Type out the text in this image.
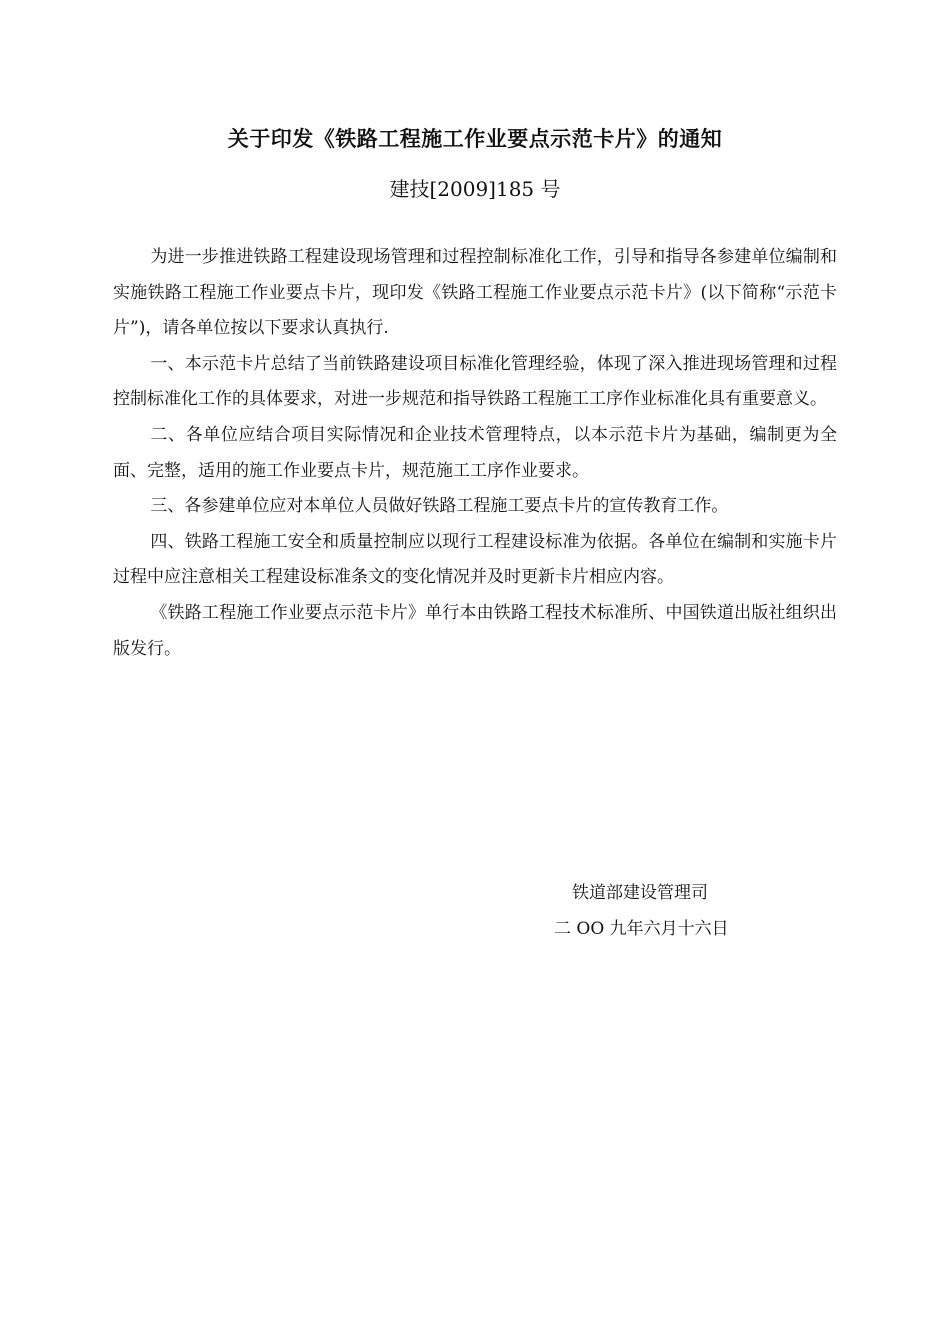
关于印发《铁路工程施工作业要点示范卡片》的通知
建技[2009]185 号

为进一步推进铁路工程建设现场管理和过程控制标准化工作，引导和指导各参建单位编制和实施铁路工程施工作业要点卡片，现印发《铁路工程施工作业要点示范卡片》(以下简称“示范卡片”)，请各单位按以下要求认真执行.

一、本示范卡片总结了当前铁路建设项目标准化管理经验，体现了深入推进现场管理和过程控制标准化工作的具体要求，对进一步规范和指导铁路工程施工工序作业标准化具有重要意义。

二、各单位应结合项目实际情况和企业技术管理特点，以本示范卡片为基础，编制更为全面、完整，适用的施工作业要点卡片，规范施工工序作业要求。

三、各参建单位应对本单位人员做好铁路工程施工要点卡片的宣传教育工作。

四、铁路工程施工安全和质量控制应以现行工程建设标准为依据。各单位在编制和实施卡片过程中应注意相关工程建设标准条文的变化情况并及时更新卡片相应内容。

《铁路工程施工作业要点示范卡片》单行本由铁路工程技术标准所、中国铁道出版社组织出版发行。

铁道部建设管理司
二 OO 九年六月十六日
